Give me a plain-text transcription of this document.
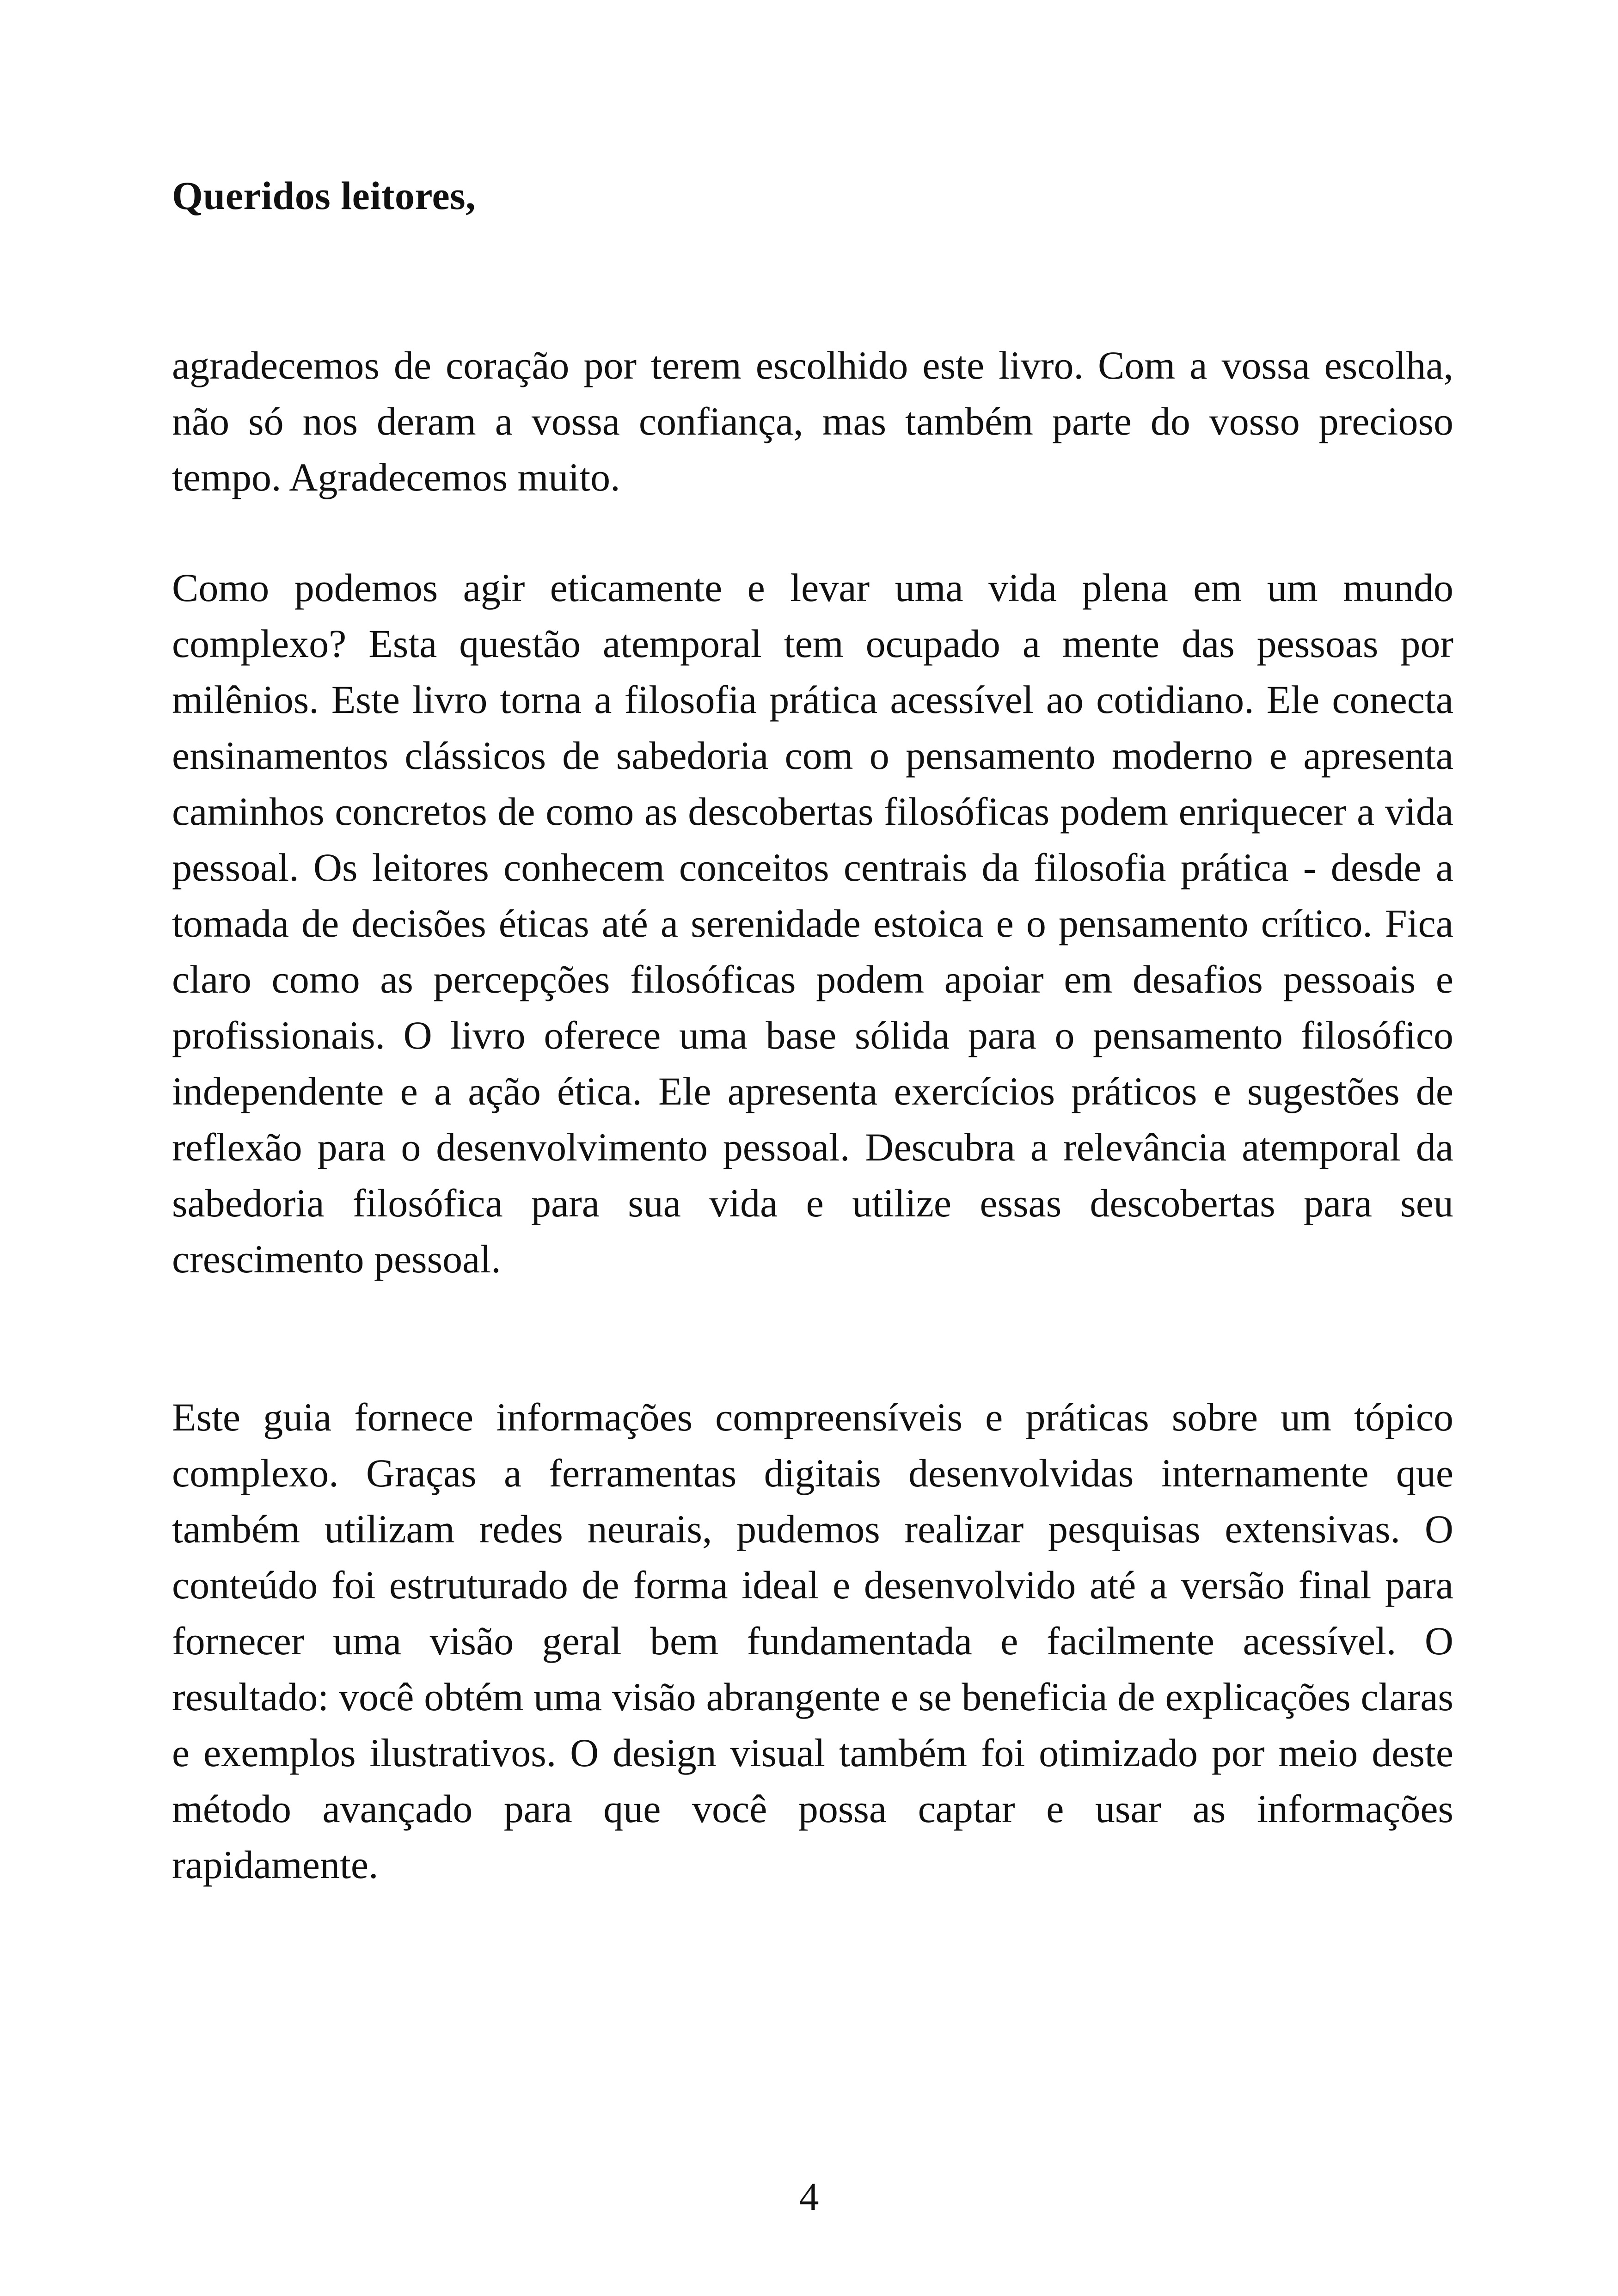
Queridos leitores,

agradecemos de coração por terem escolhido este livro. Com a vossa escolha, não só nos deram a vossa confiança, mas também parte do vosso precioso tempo. Agradecemos muito.

Como podemos agir eticamente e levar uma vida plena em um mundo complexo? Esta questão atemporal tem ocupado a mente das pessoas por milênios. Este livro torna a filosofia prática acessível ao cotidiano. Ele conecta ensinamentos clássicos de sabedoria com o pensamento moderno e apresenta caminhos concretos de como as descobertas filosóficas podem enriquecer a vida pessoal. Os leitores conhecem conceitos centrais da filosofia prática - desde a tomada de decisões éticas até a serenidade estoica e o pensamento crítico. Fica claro como as percepções filosóficas podem apoiar em desafios pessoais e profissionais. O livro oferece uma base sólida para o pensamento filosófico independente e a ação ética. Ele apresenta exercícios práticos e sugestões de reflexão para o desenvolvimento pessoal. Descubra a relevância atemporal da sabedoria filosófica para sua vida e utilize essas descobertas para seu crescimento pessoal.

Este guia fornece informações compreensíveis e práticas sobre um tópico complexo. Graças a ferramentas digitais desenvolvidas internamente que também utilizam redes neurais, pudemos realizar pesquisas extensivas. O conteúdo foi estruturado de forma ideal e desenvolvido até a versão final para fornecer uma visão geral bem fundamentada e facilmente acessível. O resultado: você obtém uma visão abrangente e se beneficia de explicações claras e exemplos ilustrativos. O design visual também foi otimizado por meio deste método avançado para que você possa captar e usar as informações rapidamente.

4
